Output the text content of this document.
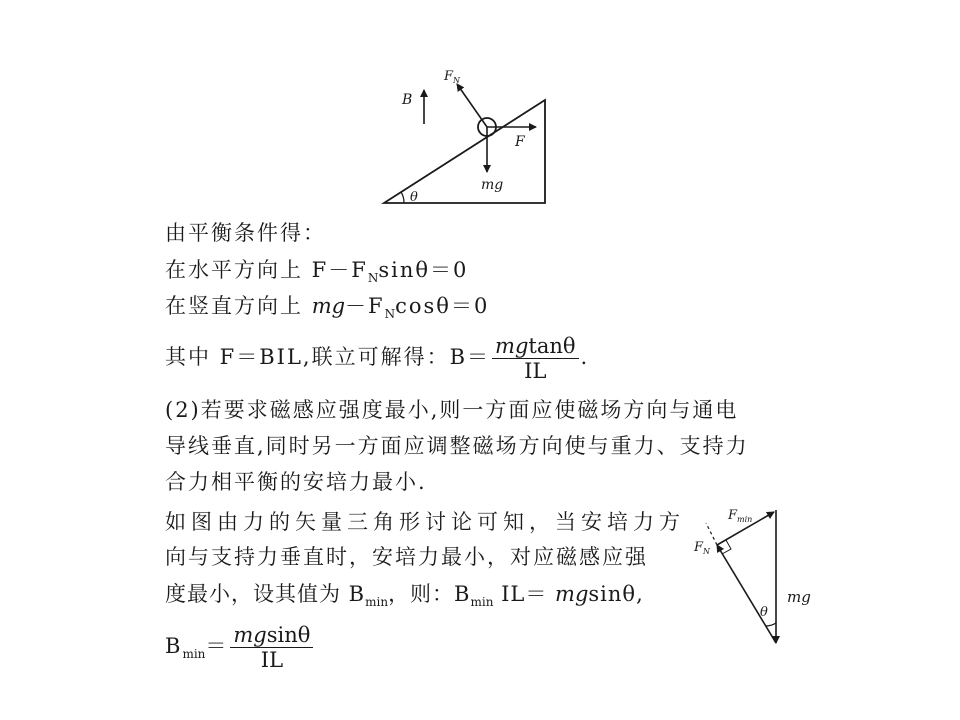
θ
B
$F_N$
F
mg
由平衡条件得：
在水平方向上 $F-F_N\sin\theta=0$
在竖直方向上 $mg-F_N\cos\theta=0$
其中 F＝BIL,联立可解得：$B= \frac{mgtan\theta}{IL}$ .
(2)若要求磁感应强度最小,则一方面应使磁场方向与通电
导线垂直,同时另一方面应调整磁场方向使与重力、支持力
合力相平衡的安培力最小.
如图由力的矢量三角形讨论可知，当安培力方
向与支持力垂直时，安培力最小，对应磁感应强
度最小，设其值为 $B_{min}$，则：$B_{min}$ IL＝ mgsinθ,
$B_{min}= \frac{mgsin\theta}{IL}$
mg
$F_N$
$F_{min}$
θ
